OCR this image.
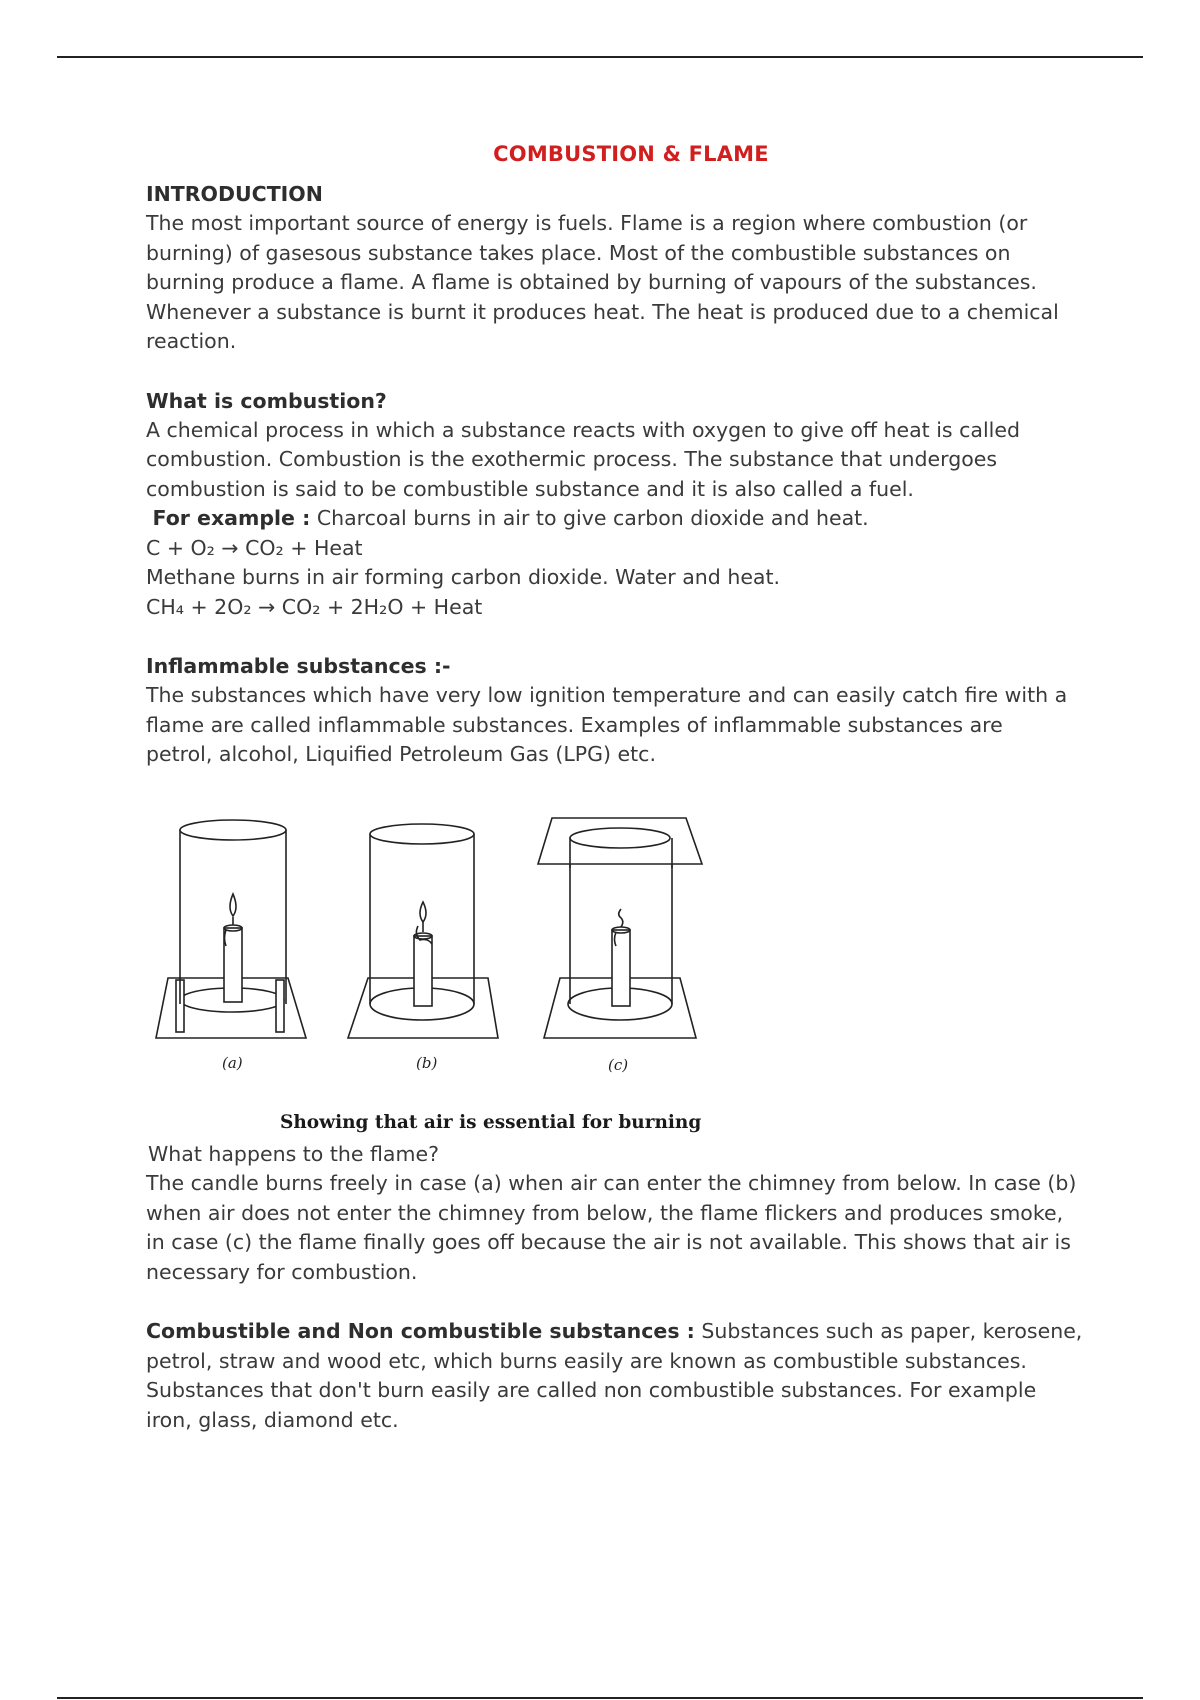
COMBUSTION & FLAME
INTRODUCTION

The most important source of energy is fuels. Flame is a region where combustion (or

burning) of gasesous substance takes place. Most of the combustible substances on

burning produce a flame. A flame is obtained by burning of vapours of the substances.

Whenever a substance is burnt it produces heat. The heat is produced due to a chemical

reaction.

What is combustion?

A chemical process in which a substance reacts with oxygen to give off heat is called

combustion. Combustion is the exothermic process. The substance that undergoes

combustion is said to be combustible substance and it is also called a fuel.

For example : Charcoal burns in air to give carbon dioxide and heat.

C + O₂ → CO₂ + Heat

Methane burns in air forming carbon dioxide. Water and heat.

CH₄ + 2O₂ → CO₂ + 2H₂O + Heat

Inflammable substances :-

The substances which have very low ignition temperature and can easily catch fire with a

flame are called inflammable substances. Examples of inflammable substances are

petrol, alcohol, Liquified Petroleum Gas (LPG) etc.

(a)	(b)	(c)
Showing that air is essential for burning

What happens to the flame?

The candle burns freely in case (a) when air can enter the chimney from below. In case (b)

when air does not enter the chimney from below, the flame flickers and produces smoke,

in case (c) the flame finally goes off because the air is not available. This shows that air is

necessary for combustion.

Combustible and Non combustible substances : Substances such as paper, kerosene,

petrol, straw and wood etc, which burns easily are known as combustible substances.

Substances that don't burn easily are called non combustible substances. For example

iron, glass, diamond etc.
